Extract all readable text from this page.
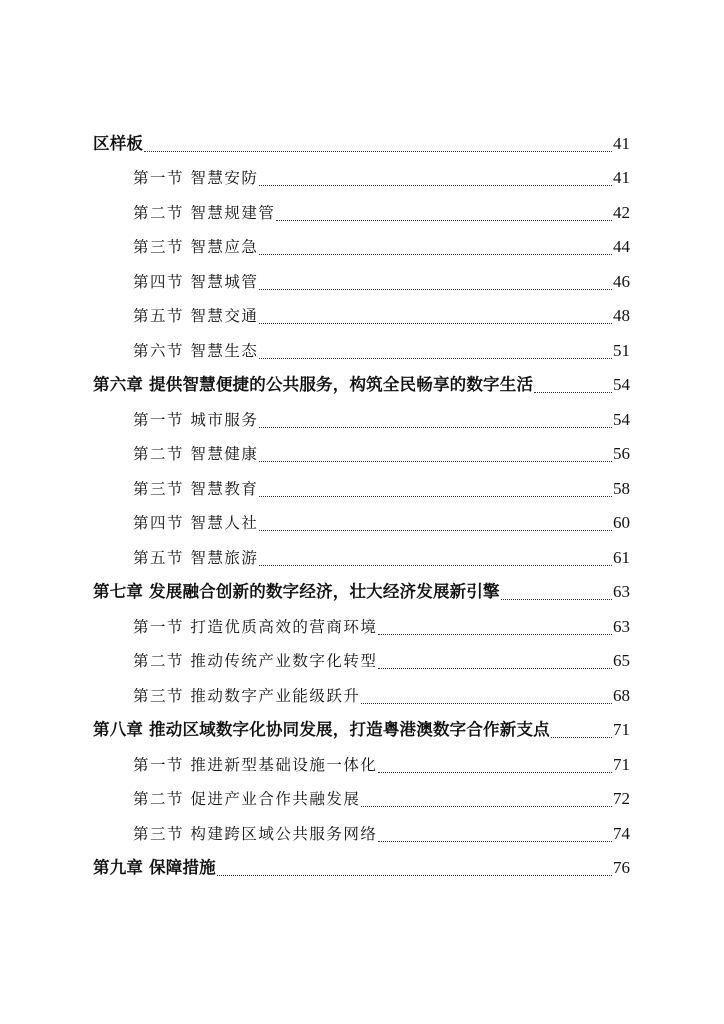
区样板	41
第一节 智慧安防	41
第二节 智慧规建管	42
第三节 智慧应急	44
第四节 智慧城管	46
第五节 智慧交通	48
第六节 智慧生态	51
第六章 提供智慧便捷的公共服务，构筑全民畅享的数字生活	54
第一节 城市服务	54
第二节 智慧健康	56
第三节 智慧教育	58
第四节 智慧人社	60
第五节 智慧旅游	61
第七章 发展融合创新的数字经济，壮大经济发展新引擎	63
第一节 打造优质高效的营商环境	63
第二节 推动传统产业数字化转型	65
第三节 推动数字产业能级跃升	68
第八章 推动区域数字化协同发展，打造粤港澳数字合作新支点	71
第一节 推进新型基础设施一体化	71
第二节 促进产业合作共融发展	72
第三节 构建跨区域公共服务网络	74
第九章 保障措施	76
